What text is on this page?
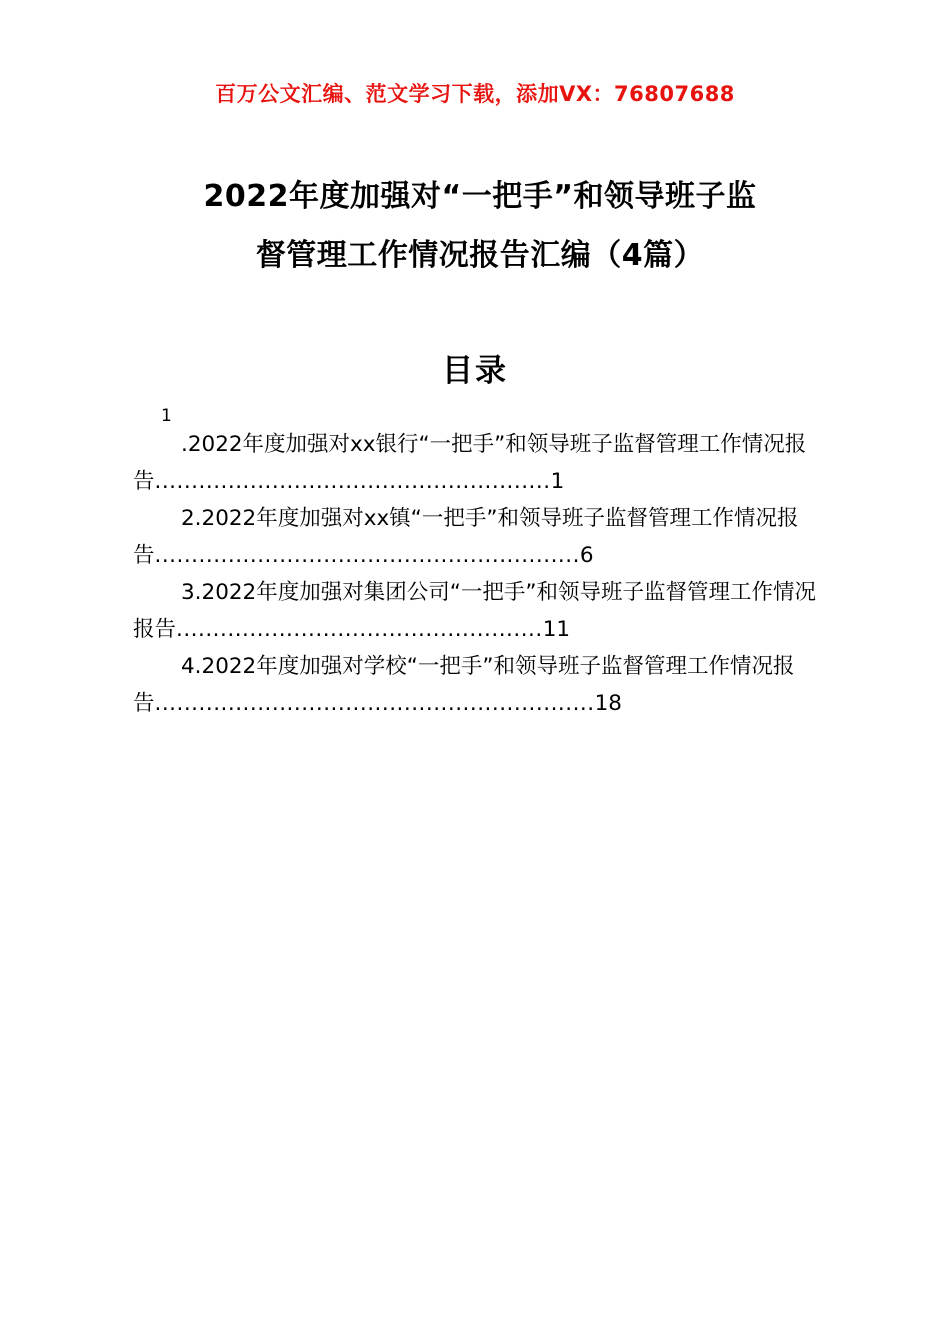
百万公文汇编、范文学习下载，添加VX：76807688
2022年度加强对“一把手”和领导班子监
督管理工作情况报告汇编（4篇）
目录
1
.2022年度加强对xx银行“一把手”和领导班子监督管理工作情况报告......................................................1
2.2022年度加强对xx镇“一把手”和领导班子监督管理工作情况报告..........................................................6
3.2022年度加强对集团公司“一把手”和领导班子监督管理工作情况报告..................................................11
4.2022年度加强对学校“一把手”和领导班子监督管理工作情况报告............................................................18
